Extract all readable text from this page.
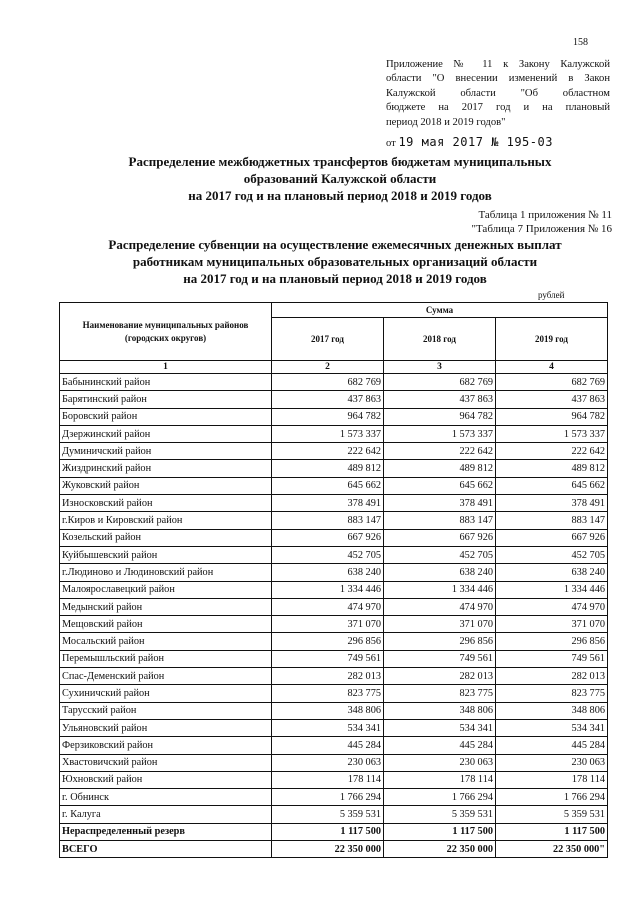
158
Приложение № 11 к Закону Калужской
области "О внесении изменений в Закон
Калужской области "Об областном
бюджете на 2017 год и на плановый
период 2018 и 2019 годов"
от 19 мая 2017 № 195-03
Распределение межбюджетных трансфертов бюджетам муниципальных
образований Калужской области
на 2017 год и на плановый период 2018 и 2019 годов
Таблица 1 приложения № 11
"Таблица 7 Приложения № 16
Распределение субвенции на осуществление ежемесячных денежных выплат
работникам муниципальных образовательных организаций области
на 2017 год и на плановый период 2018 и 2019 годов
рублей
Наименование муниципальных районов (городских округов)	Сумма		
	2017 год	2018 год	2019 год
1	2	3	4
Бабынинский район	682 769	682 769	682 769
Барятинский район	437 863	437 863	437 863
Боровский район	964 782	964 782	964 782
Дзержинский район	1 573 337	1 573 337	1 573 337
Думиничский район	222 642	222 642	222 642
Жиздринский район	489 812	489 812	489 812
Жуковский район	645 662	645 662	645 662
Износковский район	378 491	378 491	378 491
г.Киров и Кировский район	883 147	883 147	883 147
Козельский район	667 926	667 926	667 926
Куйбышевский район	452 705	452 705	452 705
г.Людиново и Людиновский район	638 240	638 240	638 240
Малоярославецкий район	1 334 446	1 334 446	1 334 446
Медынский район	474 970	474 970	474 970
Мещовский район	371 070	371 070	371 070
Мосальский район	296 856	296 856	296 856
Перемышльский район	749 561	749 561	749 561
Спас-Деменский район	282 013	282 013	282 013
Сухиничский район	823 775	823 775	823 775
Тарусский район	348 806	348 806	348 806
Ульяновский район	534 341	534 341	534 341
Ферзиковский район	445 284	445 284	445 284
Хвастовичский район	230 063	230 063	230 063
Юхновский район	178 114	178 114	178 114
г. Обнинск	1 766 294	1 766 294	1 766 294
г. Калуга	5 359 531	5 359 531	5 359 531
Нераспределенный резерв	1 117 500	1 117 500	1 117 500
ВСЕГО	22 350 000	22 350 000	22 350 000"
